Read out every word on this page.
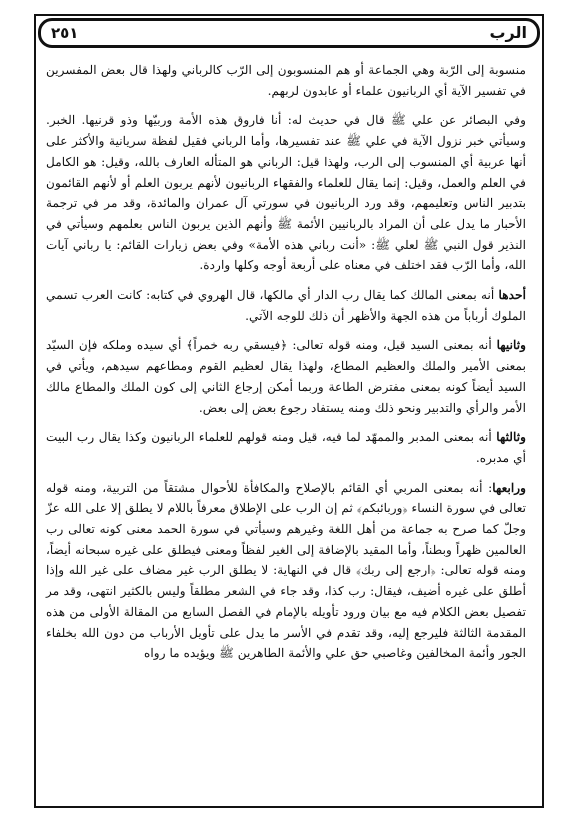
٢٥١	الرب

منسوبة إلى الرّبة وهي الجماعة أو هم المنسوبون إلى الرّب كالرباني ولهذا قال بعض المفسرين في تفسير الآية أي الربانيون علماء أو عابدون لربهم.

وفي البصائر عن علي ﷺ قال في حديث له: أنا فاروق هذه الأمة وربيّها وذو قرنيها. الخبر. وسيأتي خبر نزول الآية في علي ﷺ عند تفسيرها، وأما الرباني فقيل لفظة سريانية والأكثر على أنها عربية أي المنسوب إلى الرب، ولهذا قيل: الرباني هو المتأله العارف بالله، وقيل: هو الكامل في العلم والعمل، وقيل: إنما يقال للعلماء والفقهاء الربانيون لأنهم يربون العلم أو لأنهم القائمون بتدبير الناس وتعليمهم، وقد ورد الربانيون في سورتي آل عمران والمائدة، وقد مر في ترجمة الأحبار ما يدل على أن المراد بالربانيين الأئمة ﷺ وأنهم الذين يربون الناس بعلمهم وسيأتي في النذير قول النبي ﷺ لعلي ﷺ: «أنت رباني هذه الأمة» وفي بعض زيارات القائم: يا رباني آيات الله، وأما الرّب فقد اختلف في معناه على أربعة أوجه وكلها واردة.

أحدها أنه بمعنى المالك كما يقال رب الدار أي مالكها، قال الهروي في كتابه: كانت العرب تسمي الملوك أرباباً من هذه الجهة والأظهر أن ذلك للوجه الآتي.

وثانيها أنه بمعنى السيد قيل، ومنه قوله تعالى: ﴿فيسقي ربه خمراً﴾ أي سيده وملكه فإن السيّد بمعنى الأمير والملك والعظيم المطاع، ولهذا يقال لعظيم القوم ومطاعهم سيدهم، ويأتي في السيد أيضاً كونه بمعنى مفترض الطاعة وربما أمكن إرجاع الثاني إلى كون الملك والمطاع مالك الأمر والرأي والتدبير ونحو ذلك ومنه يستفاد رجوع بعض إلى بعض.

وثالثها أنه بمعنى المدبر والممهّد لما فيه، قيل ومنه قولهم للعلماء الربانيون وكذا يقال رب البيت أي مدبره.

ورابعها: أنه بمعنى المربي أي القائم بالإصلاح والمكافأة للأحوال مشتقاً من التربية، ومنه قوله تعالى في سورة النساء ﴿وربائبكم﴾ ثم إن الرب على الإطلاق معرفاً باللام لا يطلق إلا على الله عزّ وجلّ كما صرح به جماعة من أهل اللغة وغيرهم وسيأتي في سورة الحمد معنى كونه تعالى رب العالمين ظهراً وبطناً، وأما المقيد بالإضافة إلى الغير لفظاً ومعنى فيطلق على غيره سبحانه أيضاً، ومنه قوله تعالى: ﴿ارجع إلى ربك﴾ قال في النهاية: لا يطلق الرب غير مضاف على غير الله وإذا أطلق على غيره أضيف، فيقال: رب كذا، وقد جاء في الشعر مطلقاً وليس بالكثير انتهى، وقد مر تفصيل بعض الكلام فيه مع بيان ورود تأويله بالإمام في الفصل السابع من المقالة الأولى من هذه المقدمة الثالثة فليرجع إليه، وقد تقدم في الأسر ما يدل على تأويل الأرباب من دون الله بخلفاء الجور وأئمة المخالفين وغاصبي حق علي والأئمة الطاهرين ﷺ ويؤيده ما رواه
